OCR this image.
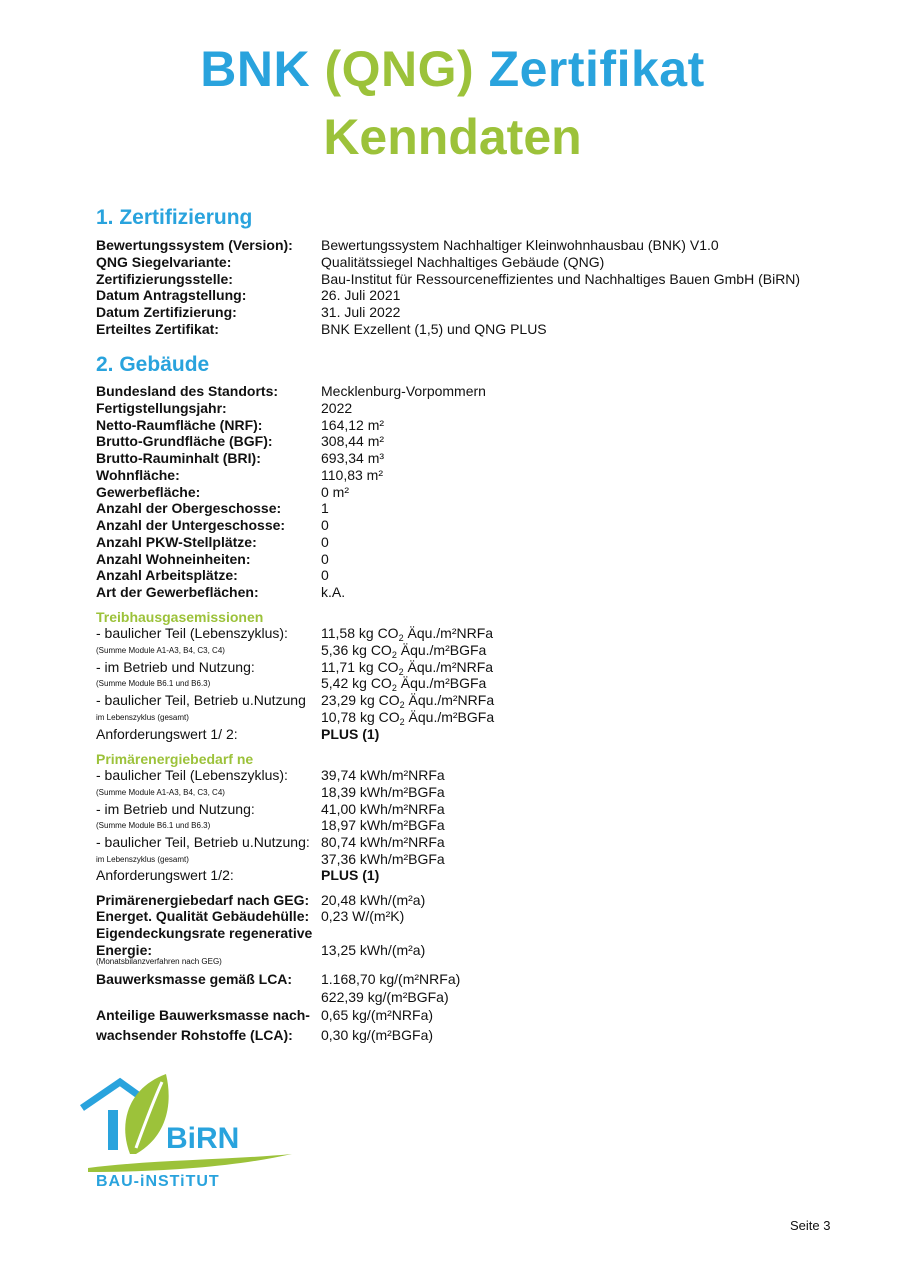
BNK (QNG) Zertifikat
Kenndaten
1. Zertifizierung
Bewertungssystem (Version): Bewertungssystem Nachhaltiger Kleinwohnhausbau (BNK) V1.0
QNG Siegelvariante:	Qualitätssiegel Nachhaltiges Gebäude (QNG)
Zertifizierungsstelle:	Bau-Institut für Ressourceneffizientes und Nachhaltiges Bauen GmbH (BiRN)
Datum Antragstellung:	26. Juli 2021
Datum Zertifizierung:	31. Juli 2022
Erteiltes Zertifikat:	BNK Exzellent (1,5) und QNG PLUS
2. Gebäude
Bundesland des Standorts:	Mecklenburg-Vorpommern
Fertigstellungsjahr:	2022
Netto-Raumfläche (NRF):	164,12 m²
Brutto-Grundfläche (BGF):	308,44 m²
Brutto-Rauminhalt (BRI):	693,34 m³
Wohnfläche:	110,83 m²
Gewerbefläche:	0 m²
Anzahl der Obergeschosse:	1
Anzahl der Untergeschosse:	0
Anzahl PKW-Stellplätze:	0
Anzahl Wohneinheiten:	0
Anzahl Arbeitsplätze:	0
Art der Gewerbeflächen:	k.A.
Treibhausgasemissionen
- baulicher Teil (Lebenszyklus): 11,58 kg $CO_2$ Äqu./m²NRFa
(Summe Module A1-A3, B4, C3, C4)	5,36 kg $CO_2$ Äqu./m²BGFa
- im Betrieb und Nutzung:	11,71 kg $CO_2$ Äqu./m²NRFa
(Summe Module B6.1 und B6.3)	5,42 kg $CO_2$ Äqu./m²BGFa
- baulicher Teil, Betrieb u.Nutzung 23,29 kg $CO_2$ Äqu./m²NRFa
im Lebenszyklus (gesamt)	10,78 kg $CO_2$ Äqu./m²BGFa
Anforderungswert 1/ 2:	PLUS (1)
Primärenergiebedarf ne
- baulicher Teil (Lebenszyklus): 39,74 kWh/m²NRFa
(Summe Module A1-A3, B4, C3, C4)	18,39 kWh/m²BGFa
- im Betrieb und Nutzung:	41,00 kWh/m²NRFa
(Summe Module B6.1 und B6.3)	18,97 kWh/m²BGFa
- baulicher Teil, Betrieb u.Nutzung: 80,74 kWh/m²NRFa
im Lebenszyklus (gesamt)	37,36 kWh/m²BGFa
Anforderungswert 1/2:	PLUS (1)
Primärenergiebedarf nach GEG: 20,48 kWh/(m²a)
Energet. Qualität Gebäudehülle: 0,23 W/(m²K)
Eigendeckungsrate regenerative
Energie:	13,25 kWh/(m²a)
(Monatsbilanzverfahren nach GEG)
Bauwerksmasse gemäß LCA: 1.168,70 kg/(m²NRFa)
622,39 kg/(m²BGFa)
Anteilige Bauwerksmasse nach- 0,65 kg/(m²NRFa)
wachsender Rohstoffe (LCA): 0,30 kg/(m²BGFa)
BiRN
BAU-iNSTiTUT
Seite 3
